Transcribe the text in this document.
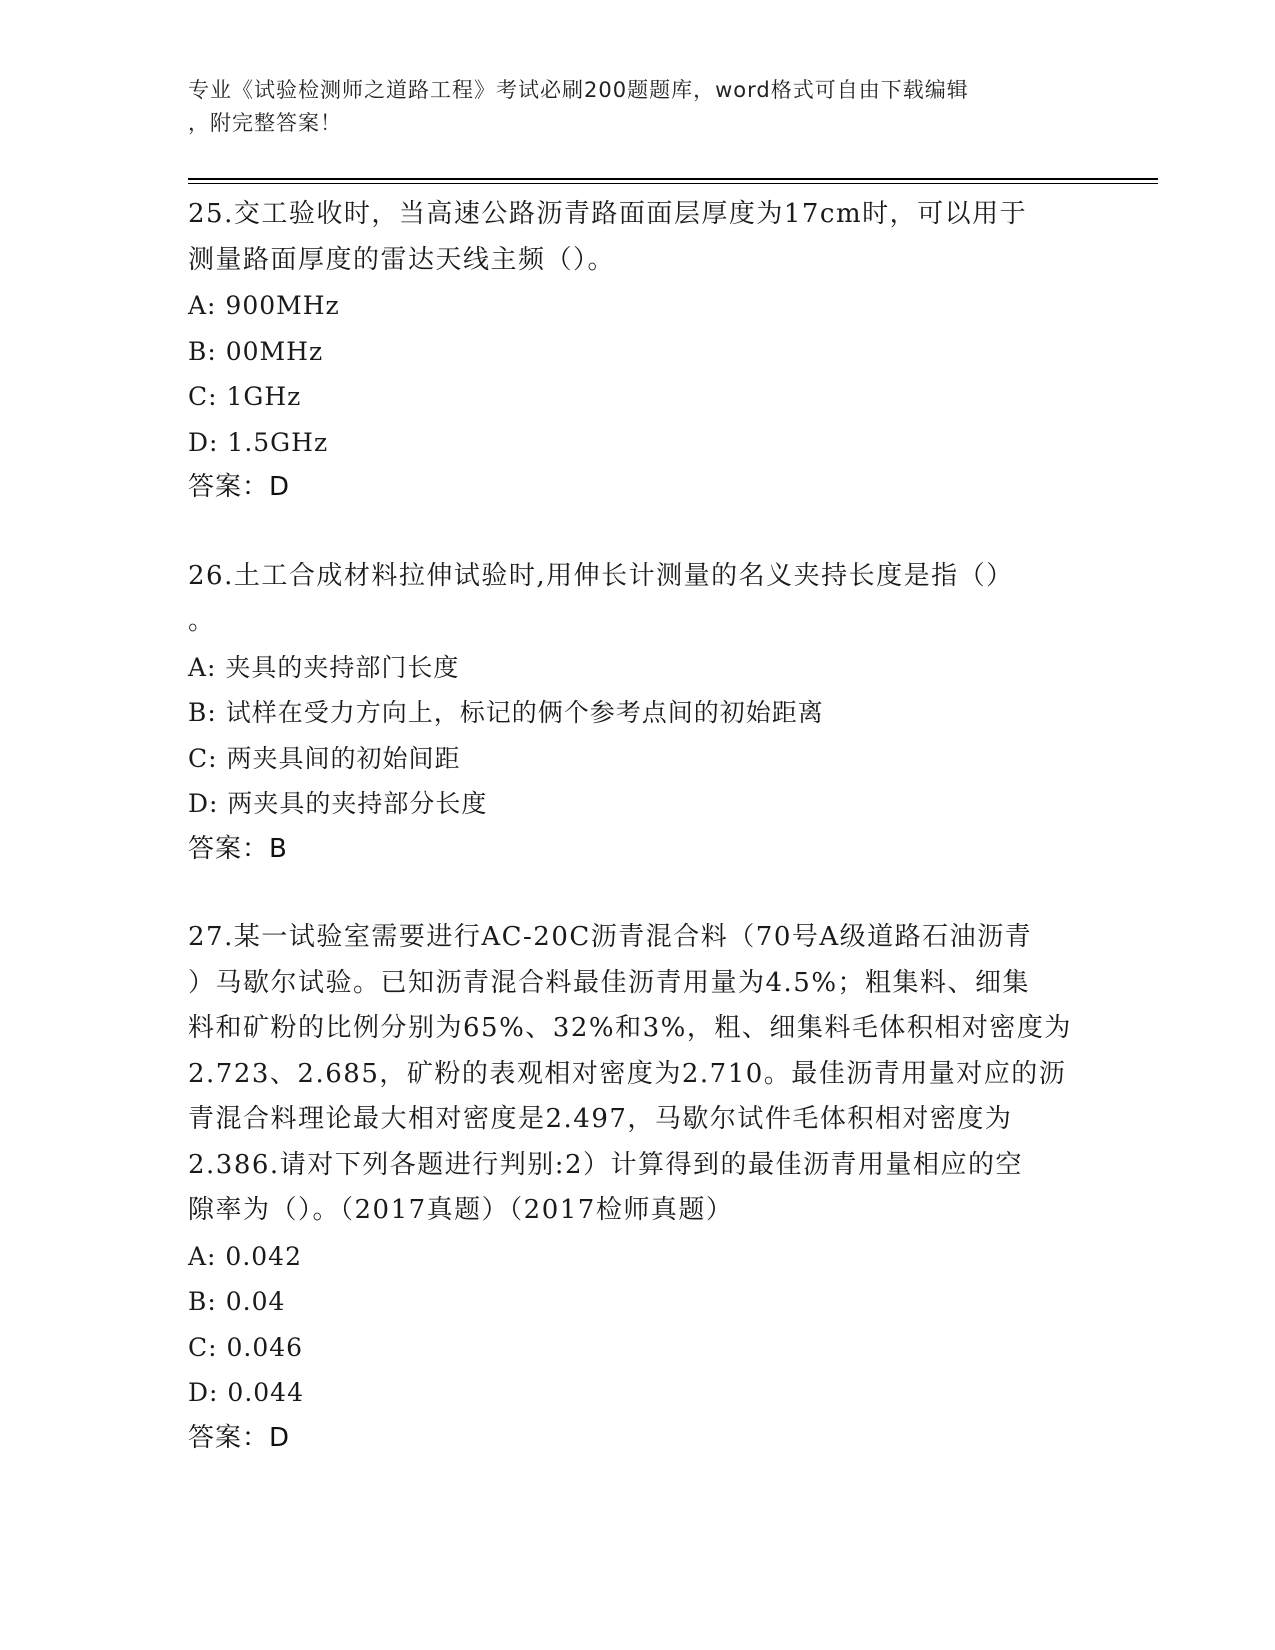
专业《试验检测师之道路工程》考试必刷200题题库，word格式可自由下载编辑
，附完整答案！
25.交工验收时，当高速公路沥青路面面层厚度为17cm时，可以用于
测量路面厚度的雷达天线主频（）。
A: 900MHz
B: 00MHz
C: 1GHz
D: 1.5GHz
答案：D
26.土工合成材料拉伸试验时,用伸长计测量的名义夹持长度是指（）
。
A: 夹具的夹持部门长度
B: 试样在受力方向上，标记的俩个参考点间的初始距离
C: 两夹具间的初始间距
D: 两夹具的夹持部分长度
答案：B
27.某一试验室需要进行AC-20C沥青混合料（70号A级道路石油沥青
）马歇尔试验。已知沥青混合料最佳沥青用量为4.5%；粗集料、细集
料和矿粉的比例分别为65%、32%和3%，粗、细集料毛体积相对密度为
2.723、2.685，矿粉的表观相对密度为2.710。最佳沥青用量对应的沥
青混合料理论最大相对密度是2.497，马歇尔试件毛体积相对密度为
2.386.请对下列各题进行判别:2）计算得到的最佳沥青用量相应的空
隙率为（）。（2017真题）（2017检师真题）
A: 0.042
B: 0.04
C: 0.046
D: 0.044
答案：D
